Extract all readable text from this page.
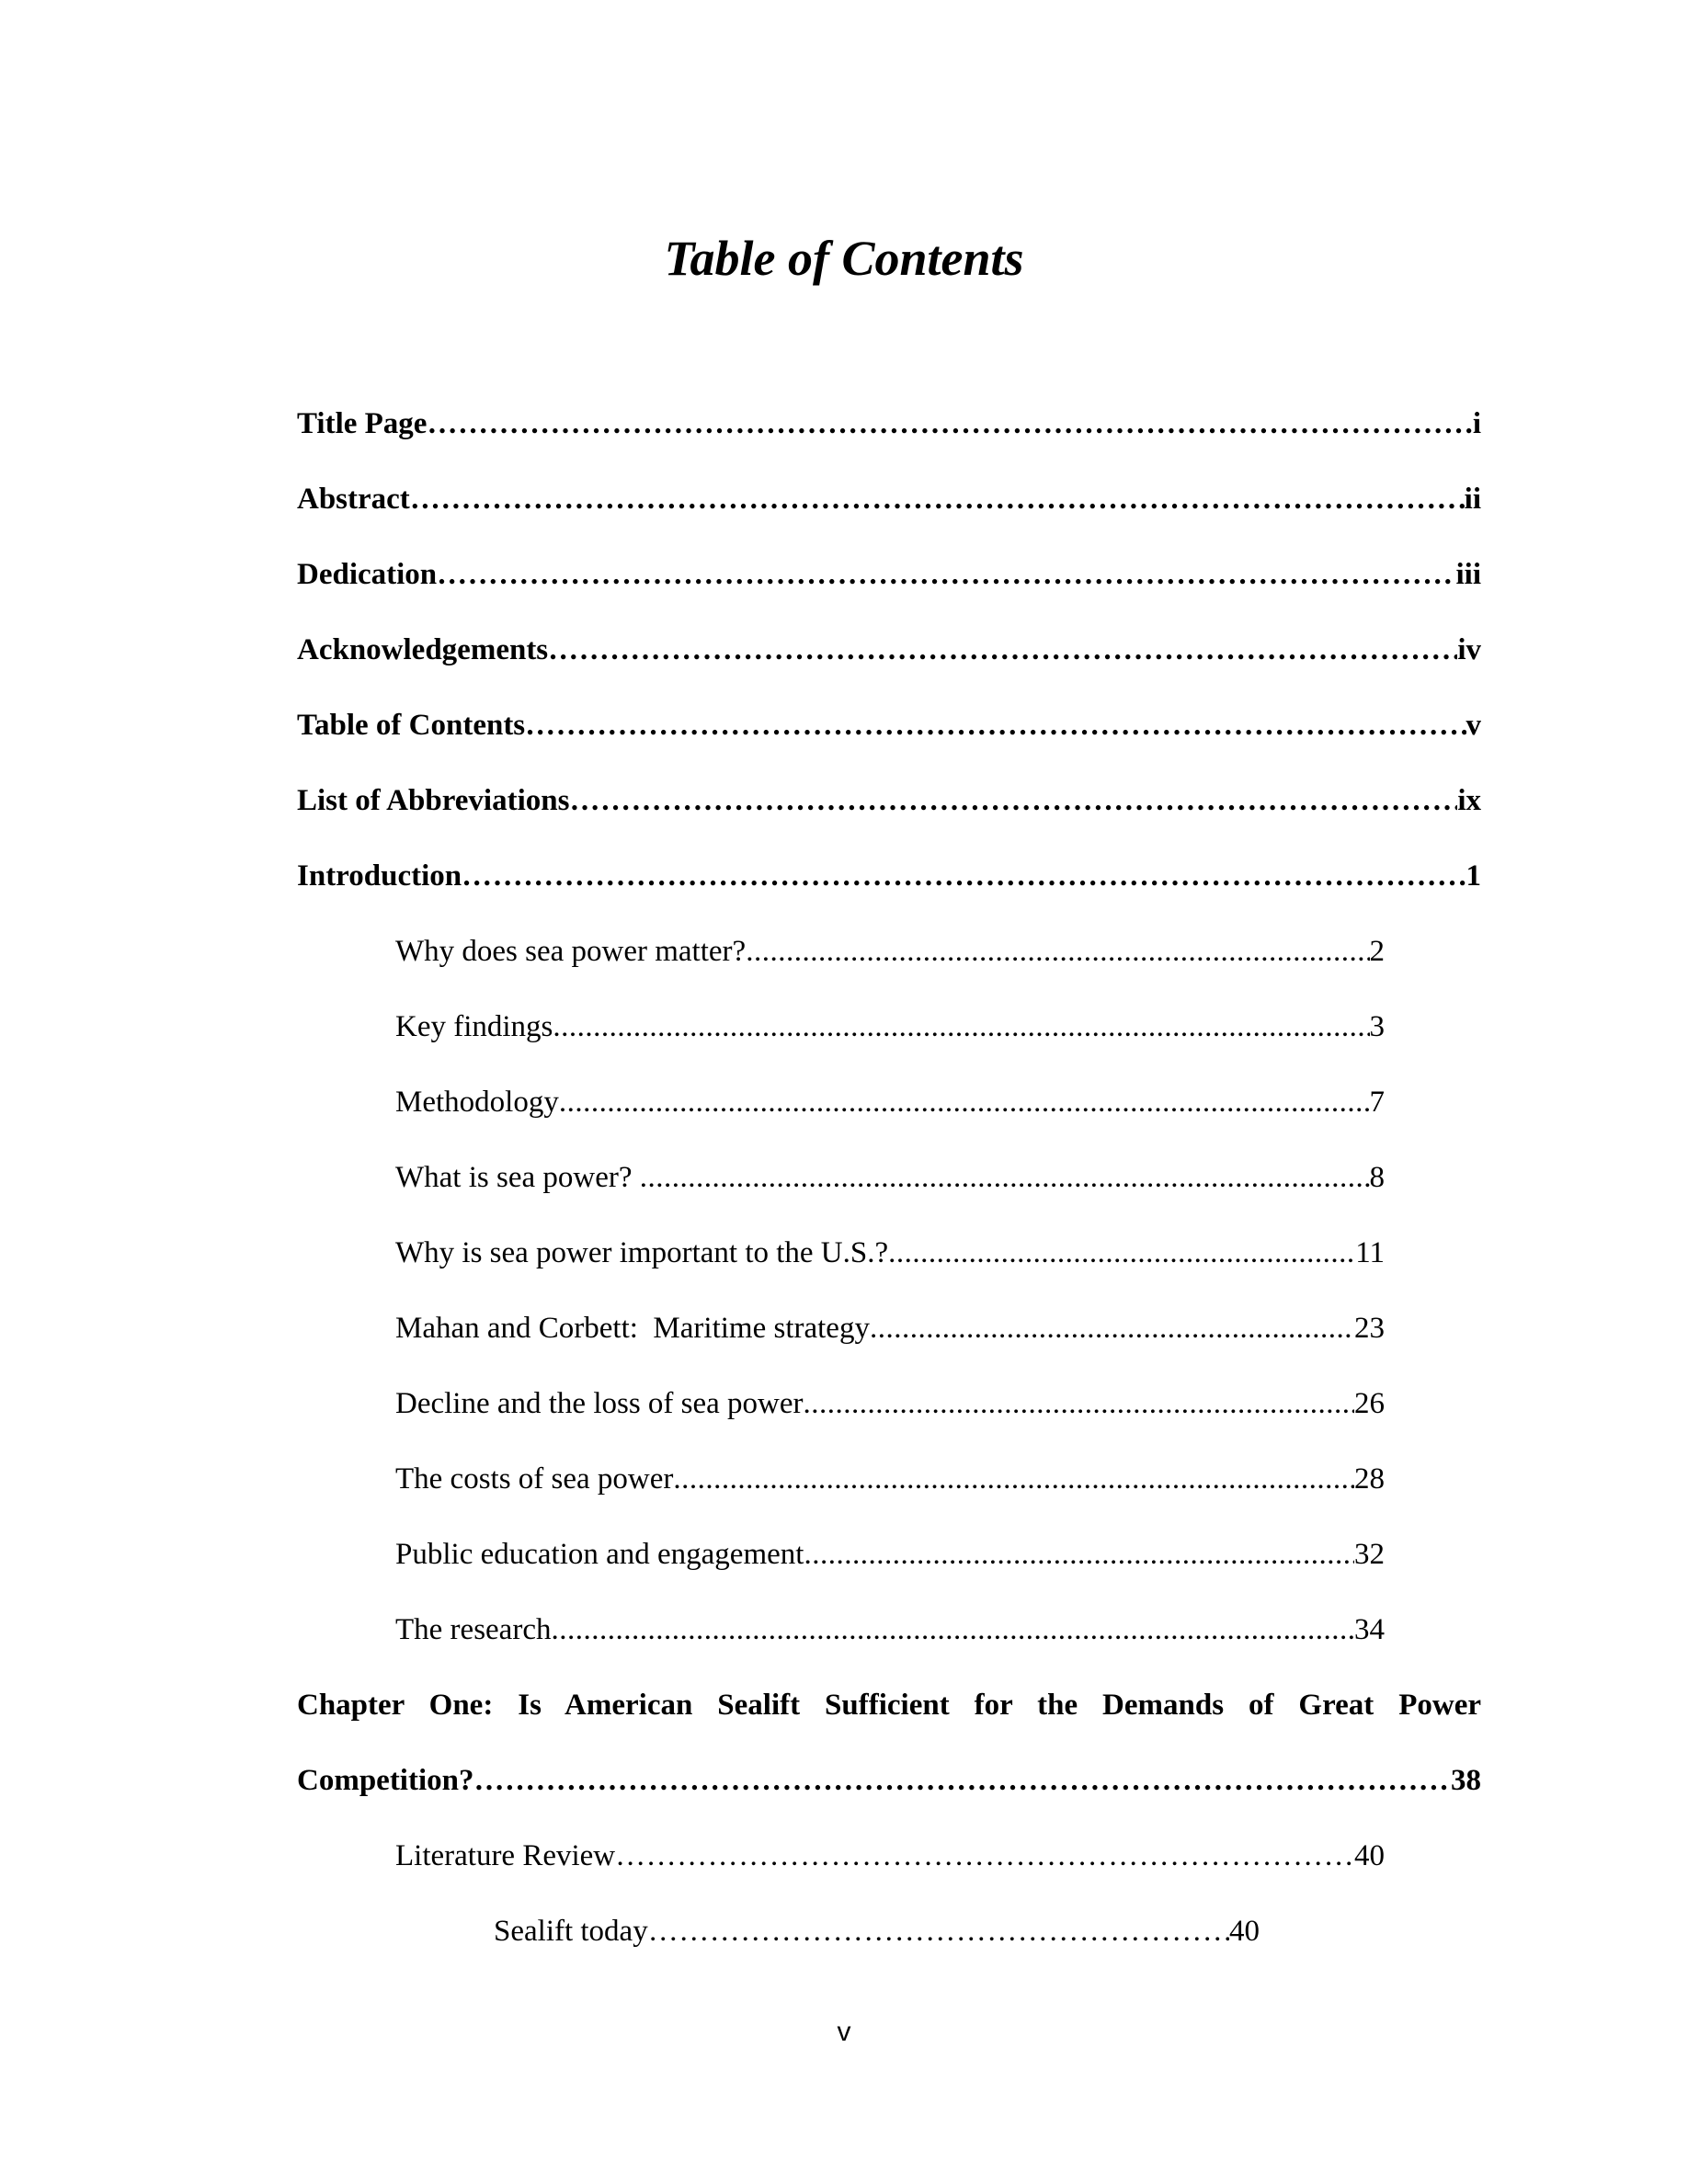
Table of Contents
Title Page ……………………………………………………………………………………………………………………………………………………………………………………………	i
Abstract ……………………………………………………………………………………………………………………………………………………………………………………………	ii
Dedication ……………………………………………………………………………………………………………………………………………………………………………………………	iii
Acknowledgements ……………………………………………………………………………………………………………………………………………………………………………………………	iv
Table of Contents ……………………………………………………………………………………………………………………………………………………………………………………………	v
List of Abbreviations ……………………………………………………………………………………………………………………………………………………………………………………………	ix
Introduction ……………………………………………………………………………………………………………………………………………………………………………………………	1
Why does sea power matter? .....	2
Key findings .....	3
Methodology .....	7
What is sea power? .....	8
Why is sea power important to the U.S.? .....	11
Mahan and Corbett:  Maritime strategy .....	23
Decline and the loss of sea power .....	26
The costs of sea power .....	28
Public education and engagement .....	32
The research .....	34
Chapter One: Is American Sealift Sufficient for the Demands of Great Power
Competition? ……………………………………………………………………………………………………………………………………………………………………………………………	38
Literature Review ……………………………………………………………………………………………………………………………………………………………………………………………	40
Sealift today ……………………………………………………………………………………………………………………………………………………………………………………………	40
v
